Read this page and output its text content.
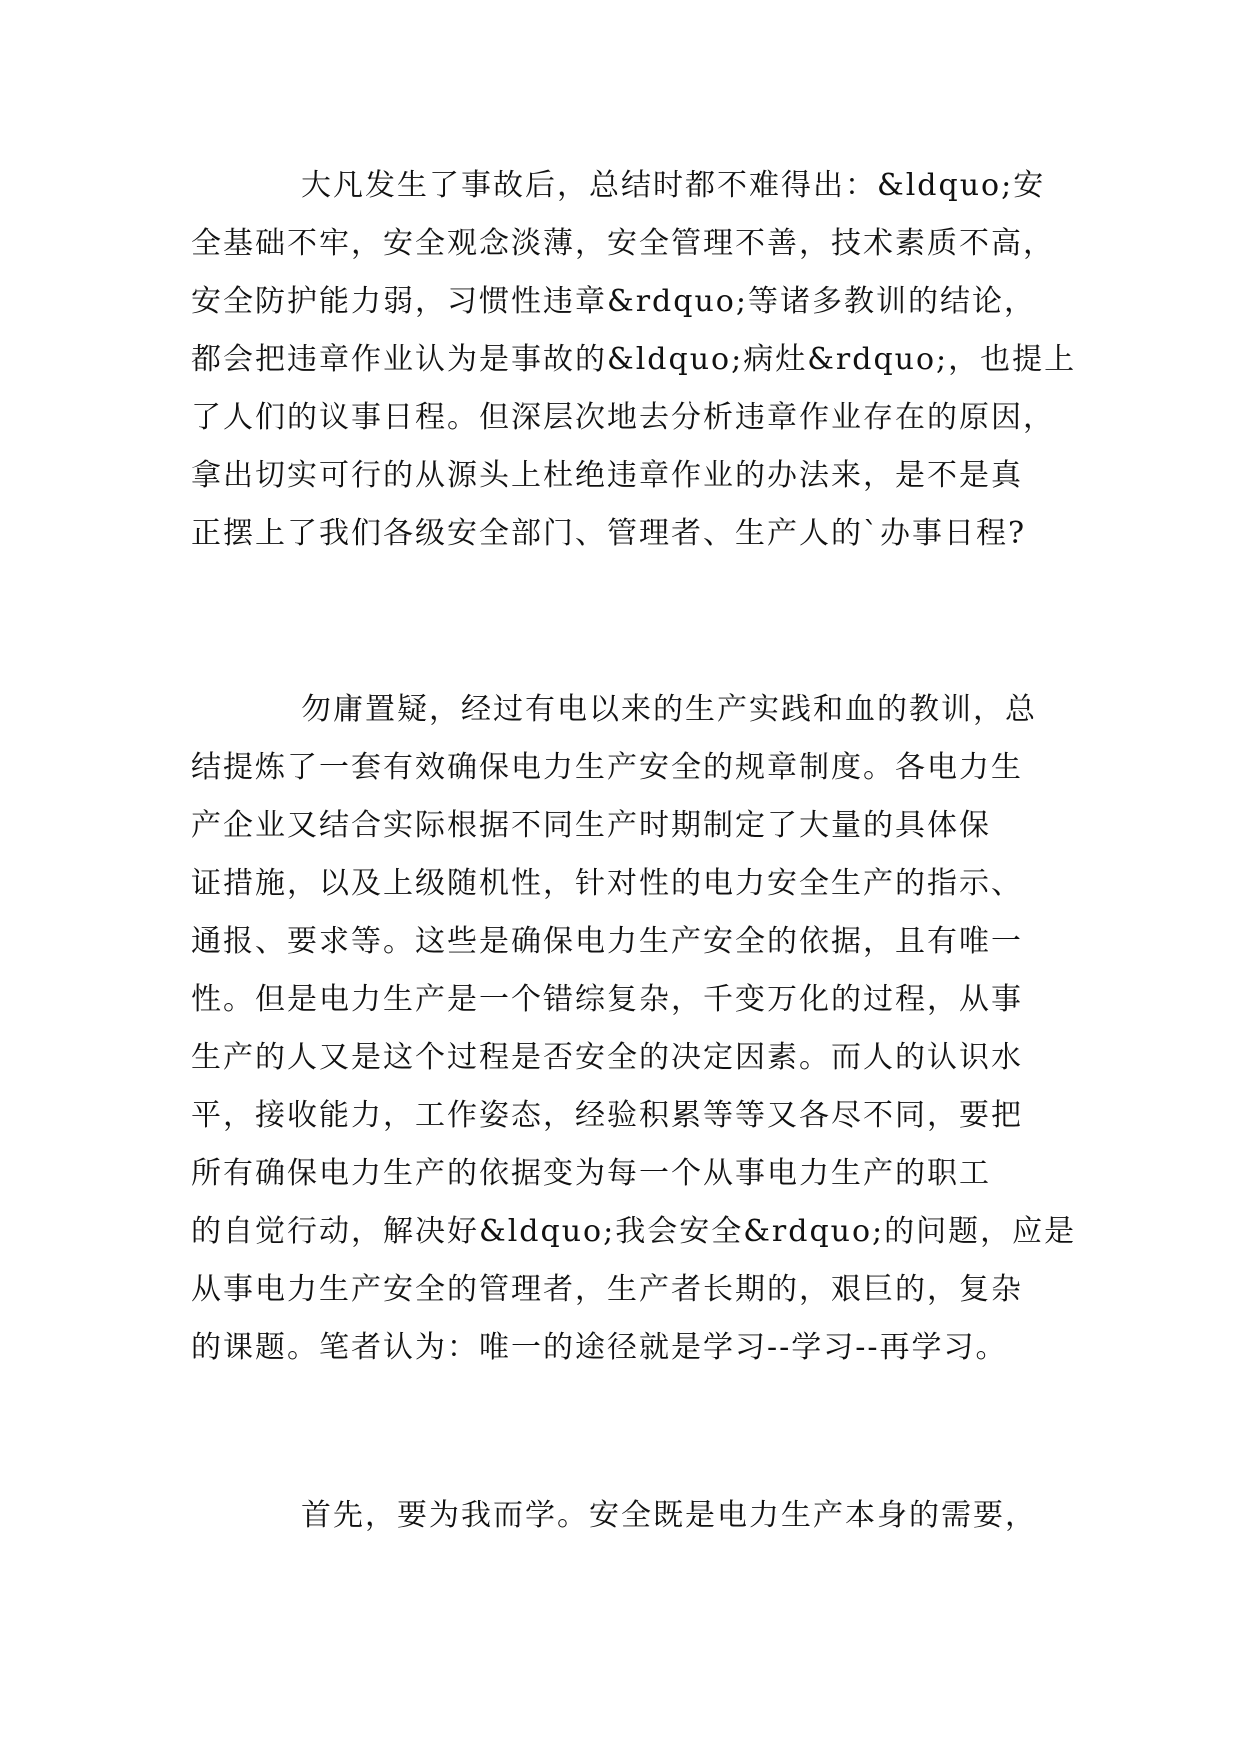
大凡发生了事故后，总结时都不难得出：&ldquo;安
全基础不牢，安全观念淡薄，安全管理不善，技术素质不高，
安全防护能力弱，习惯性违章&rdquo;等诸多教训的结论，
都会把违章作业认为是事故的&ldquo;病灶&rdquo;，也提上
了人们的议事日程。但深层次地去分析违章作业存在的原因，
拿出切实可行的从源头上杜绝违章作业的办法来，是不是真
正摆上了我们各级安全部门、管理者、生产人的`办事日程?
勿庸置疑，经过有电以来的生产实践和血的教训，总
结提炼了一套有效确保电力生产安全的规章制度。各电力生
产企业又结合实际根据不同生产时期制定了大量的具体保
证措施，以及上级随机性，针对性的电力安全生产的指示、
通报、要求等。这些是确保电力生产安全的依据，且有唯一
性。但是电力生产是一个错综复杂，千变万化的过程，从事
生产的人又是这个过程是否安全的决定因素。而人的认识水
平，接收能力，工作姿态，经验积累等等又各尽不同，要把
所有确保电力生产的依据变为每一个从事电力生产的职工
的自觉行动，解决好&ldquo;我会安全&rdquo;的问题，应是
从事电力生产安全的管理者，生产者长期的，艰巨的，复杂
的课题。笔者认为：唯一的途径就是学习--学习--再学习。
首先，要为我而学。安全既是电力生产本身的需要，
